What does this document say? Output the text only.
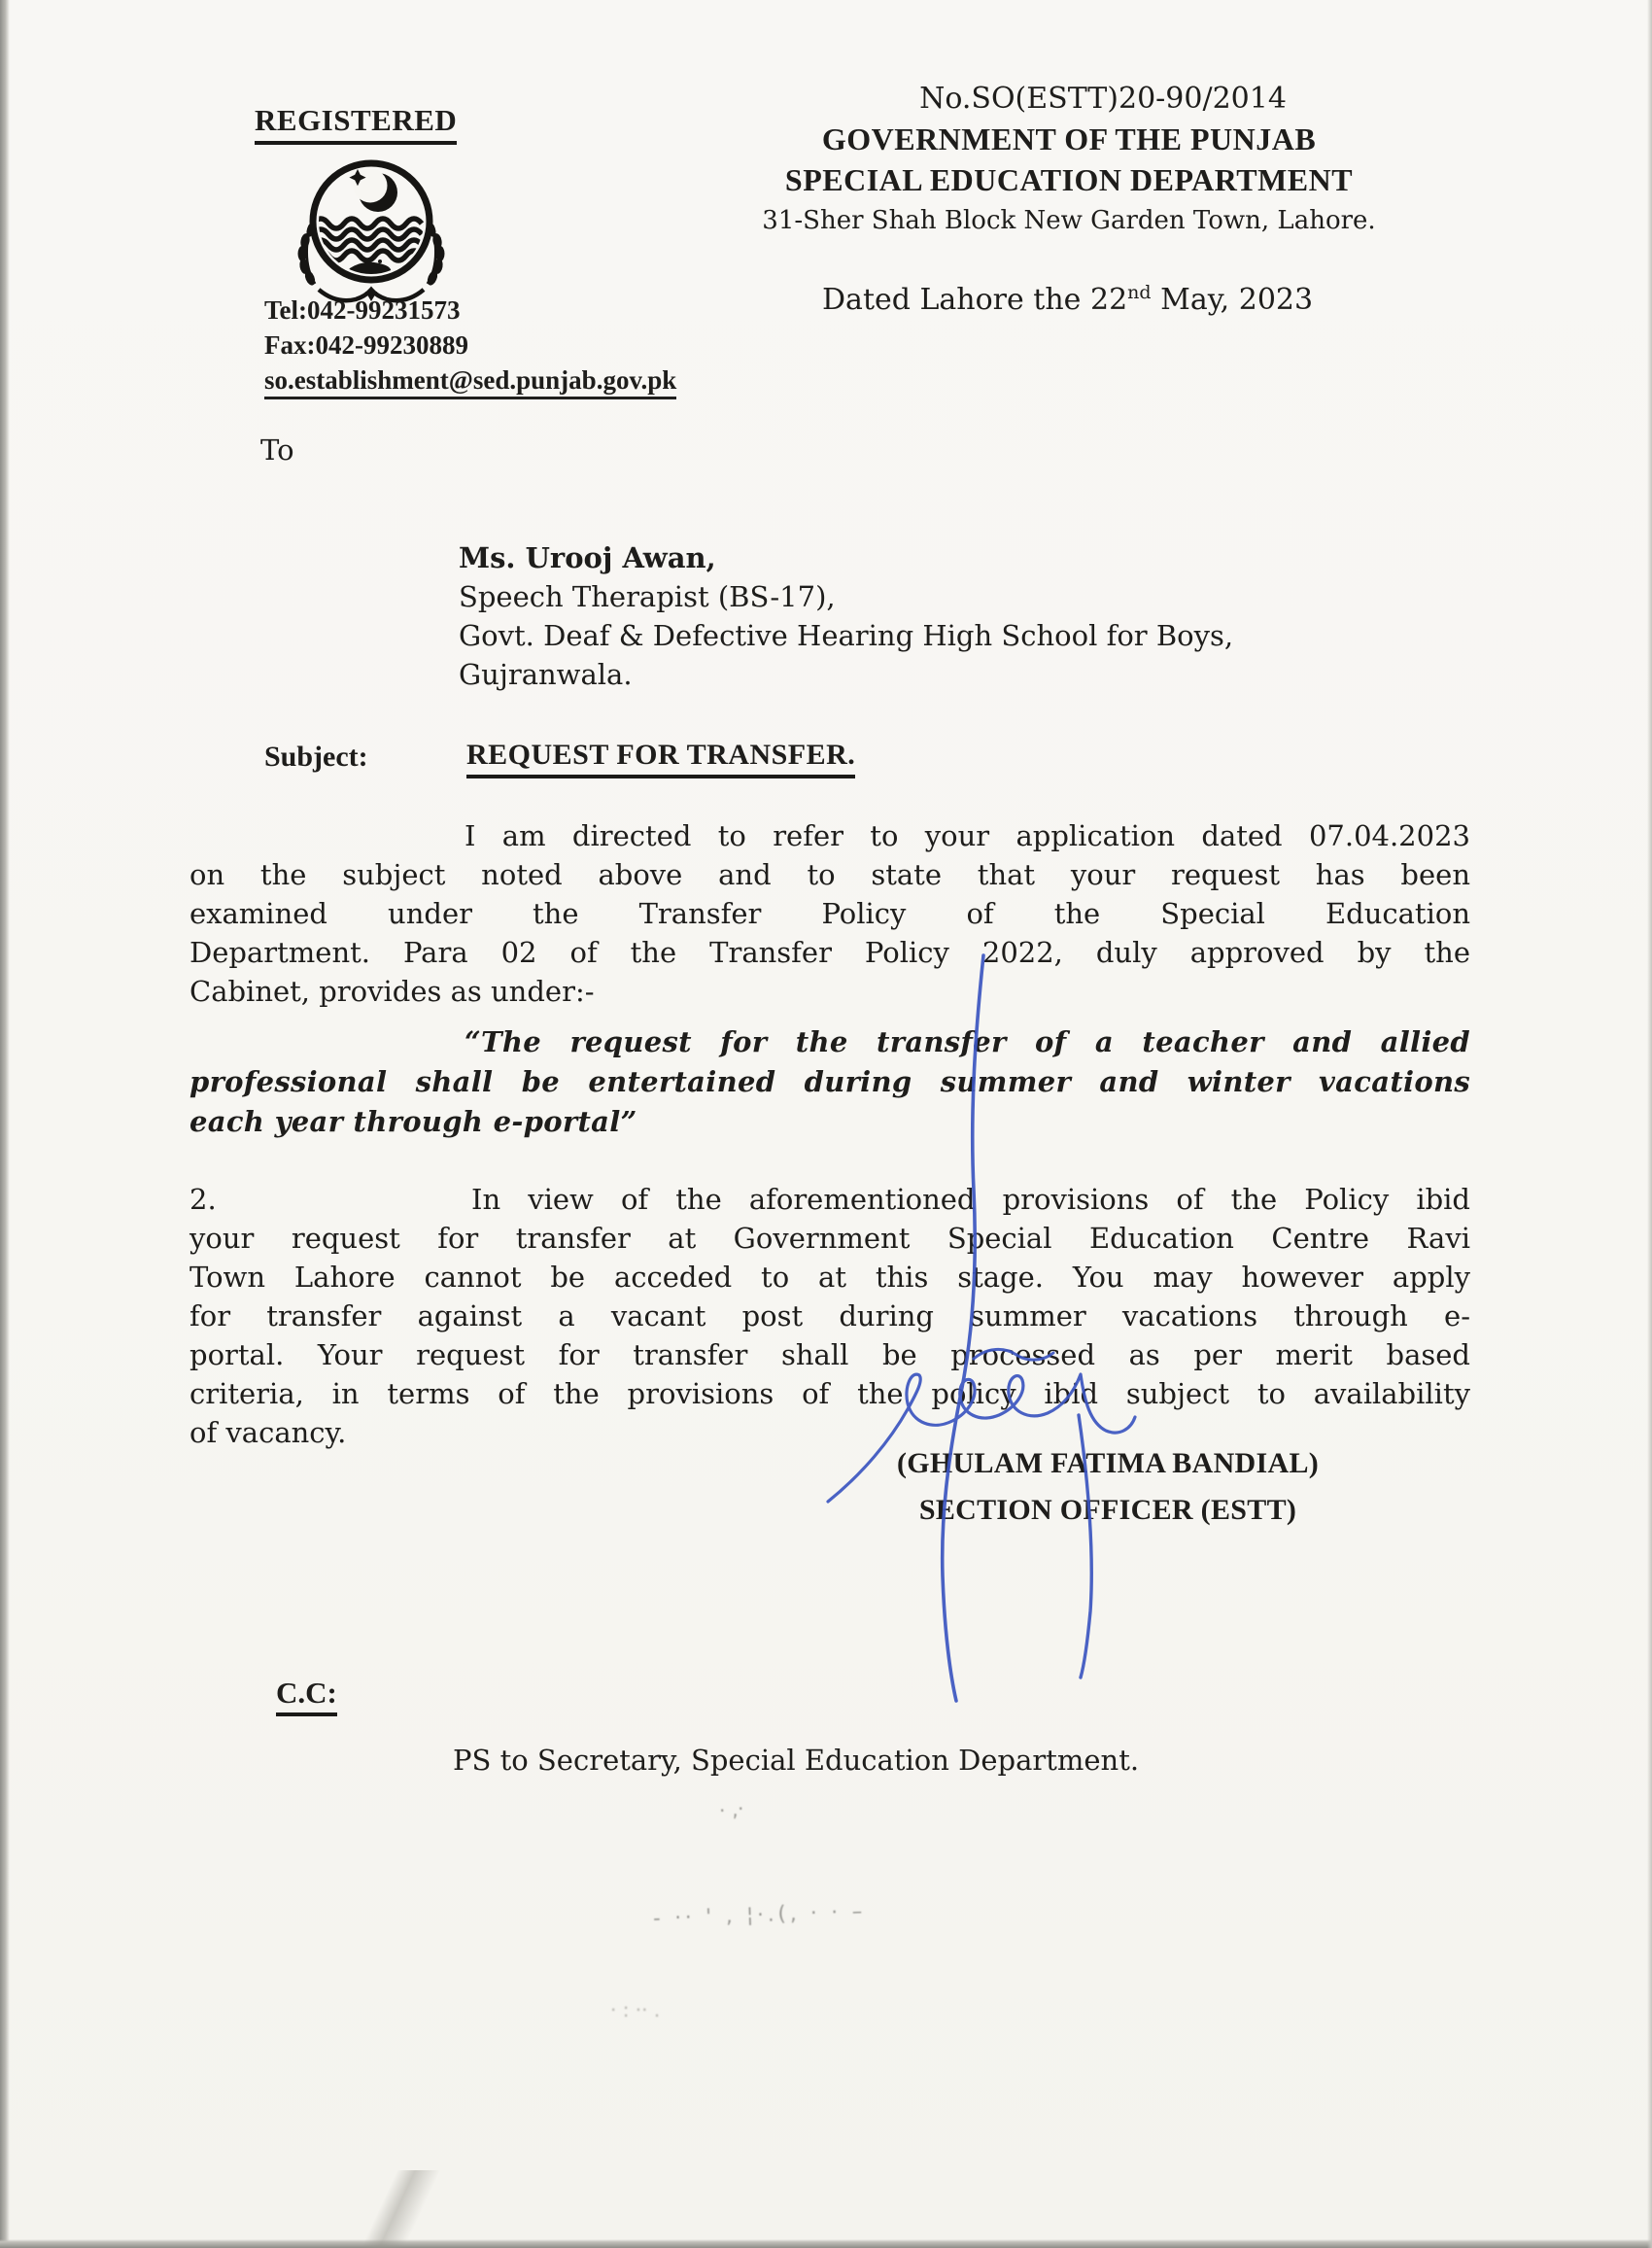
REGISTERED
No.SO(ESTT)20-90/2014
GOVERNMENT OF THE PUNJAB
SPECIAL EDUCATION DEPARTMENT
31-Sher Shah Block New Garden Town, Lahore.
Dated Lahore the 22nd May, 2023
Tel:042-99231573
Fax:042-99230889
so.establishment@sed.punjab.gov.pk
To
Ms. Urooj Awan,
Speech Therapist (BS-17),
Govt. Deaf & Defective Hearing High School for Boys,
Gujranwala.
Subject:	REQUEST FOR TRANSFER.
I am directed to refer to your application dated 07.04.2023
on the subject noted above and to state that your request has been
examined under the Transfer Policy of the Special Education
Department. Para 02 of the Transfer Policy 2022, duly approved by the
Cabinet, provides as under:-
“The request for the transfer of a teacher and allied
professional shall be entertained during summer and winter vacations
each year through e-portal”
2.	In view of the aforementioned provisions of the Policy ibid
your request for transfer at Government Special Education Centre Ravi
Town Lahore cannot be acceded to at this stage. You may however apply
for transfer against a vacant post during summer vacations through e-
portal. Your request for transfer shall be processed as per merit based
criteria, in terms of the provisions of the policy ibid subject to availability
of vacancy.
(GHULAM FATIMA BANDIAL)
SECTION OFFICER (ESTT)
C.C:
PS to Secretary, Special Education Department.
· ,·
- ·· ' ‚ ¦·.(‚ · · –
· : ·· .
